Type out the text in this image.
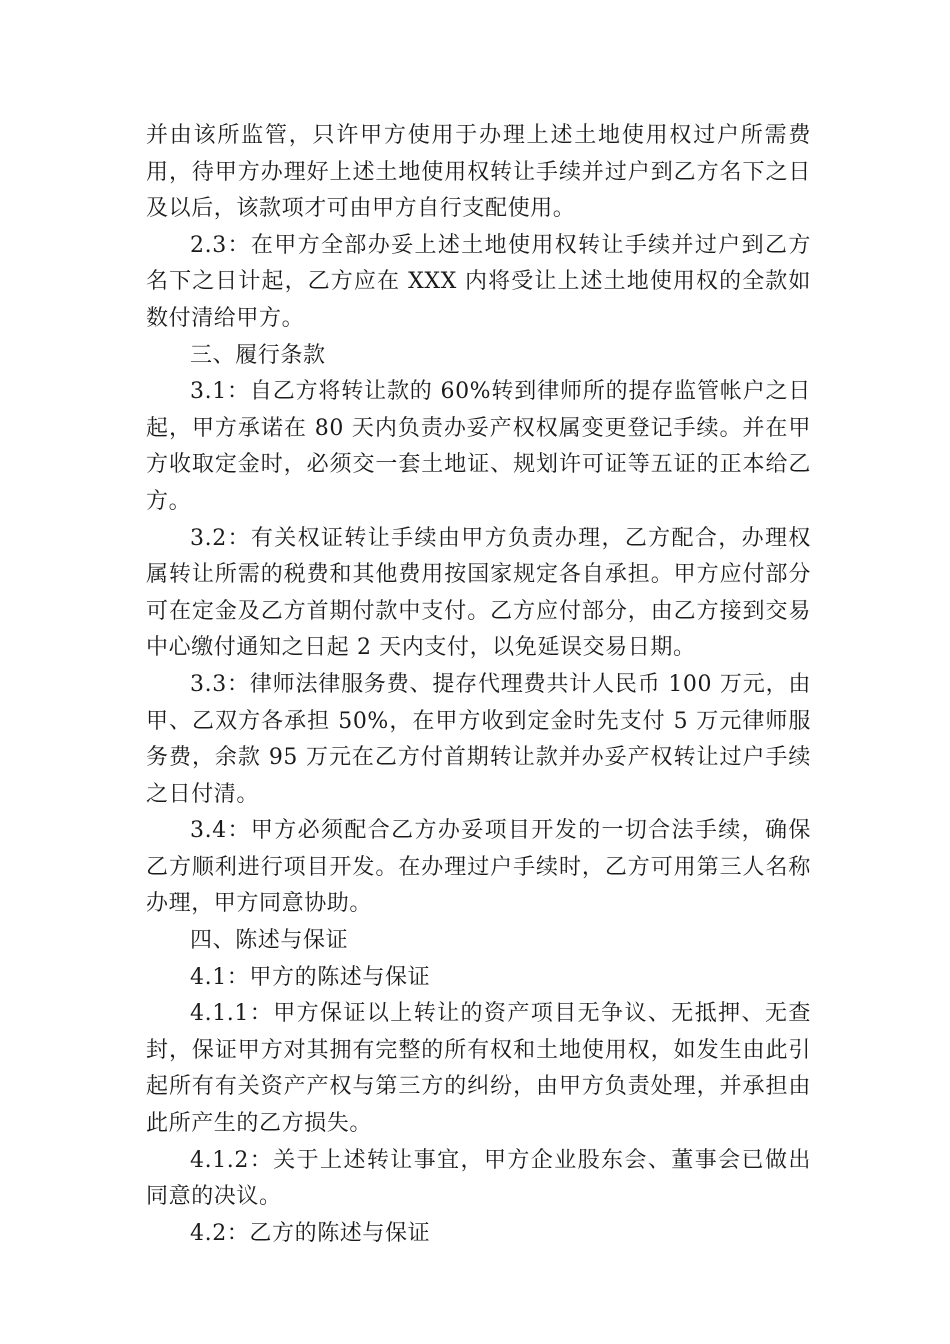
并由该所监管，只许甲方使用于办理上述土地使用权过户所需费用，待甲方办理好上述土地使用权转让手续并过户到乙方名下之日及以后，该款项才可由甲方自行支配使用。

2.3：在甲方全部办妥上述土地使用权转让手续并过户到乙方名下之日计起，乙方应在 XXX 内将受让上述土地使用权的全款如数付清给甲方。

三、履行条款

3.1：自乙方将转让款的 60%转到律师所的提存监管帐户之日起，甲方承诺在 80 天内负责办妥产权权属变更登记手续。并在甲方收取定金时，必须交一套土地证、规划许可证等五证的正本给乙方。

3.2：有关权证转让手续由甲方负责办理，乙方配合，办理权属转让所需的税费和其他费用按国家规定各自承担。甲方应付部分可在定金及乙方首期付款中支付。乙方应付部分，由乙方接到交易中心缴付通知之日起 2 天内支付，以免延误交易日期。

3.3：律师法律服务费、提存代理费共计人民币 100 万元，由甲、乙双方各承担 50%，在甲方收到定金时先支付 5 万元律师服务费，余款 95 万元在乙方付首期转让款并办妥产权转让过户手续之日付清。

3.4：甲方必须配合乙方办妥项目开发的一切合法手续，确保乙方顺利进行项目开发。在办理过户手续时，乙方可用第三人名称办理，甲方同意协助。

四、陈述与保证

4.1：甲方的陈述与保证

4.1.1：甲方保证以上转让的资产项目无争议、无抵押、无查封，保证甲方对其拥有完整的所有权和土地使用权，如发生由此引起所有有关资产产权与第三方的纠纷，由甲方负责处理，并承担由此所产生的乙方损失。

4.1.2：关于上述转让事宜，甲方企业股东会、董事会已做出同意的决议。

4.2：乙方的陈述与保证
